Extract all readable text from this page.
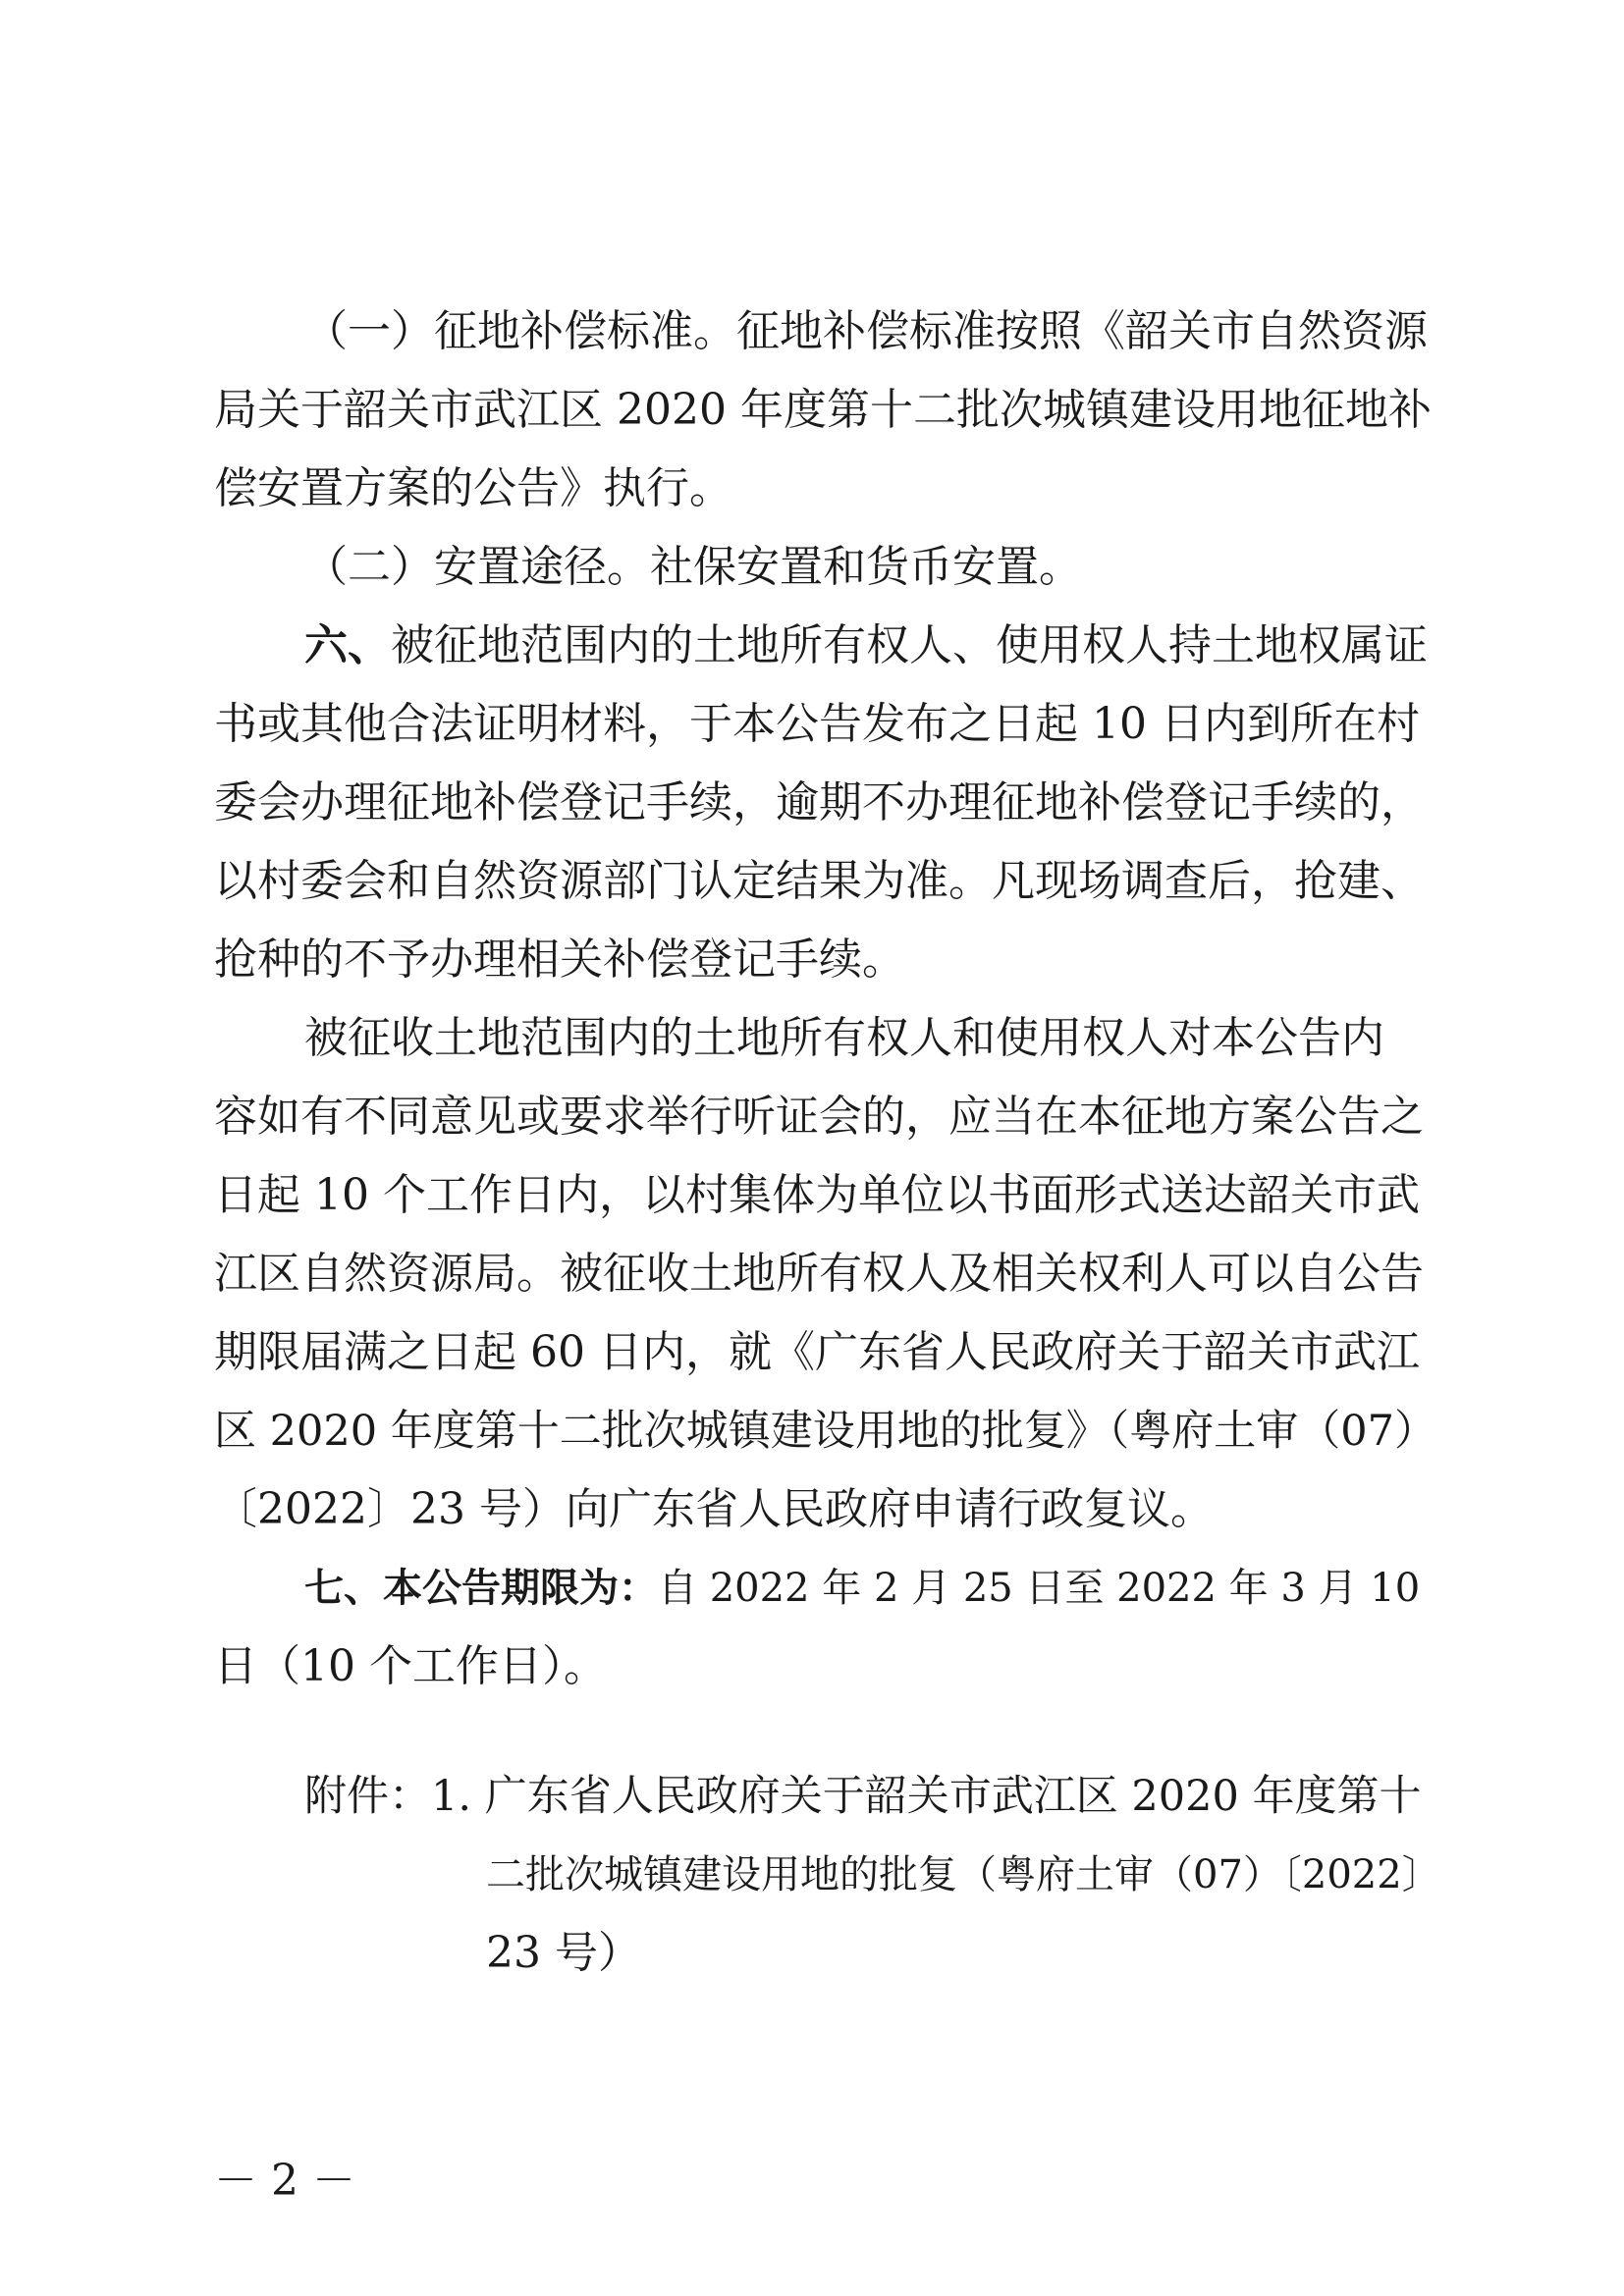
（一）征地补偿标准。征地补偿标准按照《韶关市自然资源
局关于韶关市武江区 2020 年度第十二批次城镇建设用地征地补
偿安置方案的公告》执行。
（二）安置途径。社保安置和货币安置。
六、被征地范围内的土地所有权人、使用权人持土地权属证
书或其他合法证明材料，于本公告发布之日起 10 日内到所在村
委会办理征地补偿登记手续，逾期不办理征地补偿登记手续的，
以村委会和自然资源部门认定结果为准。凡现场调查后，抢建、
抢种的不予办理相关补偿登记手续。
被征收土地范围内的土地所有权人和使用权人对本公告内
容如有不同意见或要求举行听证会的，应当在本征地方案公告之
日起 10 个工作日内，以村集体为单位以书面形式送达韶关市武
江区自然资源局。被征收土地所有权人及相关权利人可以自公告
期限届满之日起 60 日内，就《广东省人民政府关于韶关市武江
区 2020 年度第十二批次城镇建设用地的批复》（粤府土审（07）
〔2022〕23 号）向广东省人民政府申请行政复议。
七、本公告期限为：自 2022 年 2 月 25 日至 2022 年 3 月 10
日（10 个工作日）。
附件：1. 广东省人民政府关于韶关市武江区 2020 年度第十
二批次城镇建设用地的批复（粤府土审（07）〔2022〕
23 号）
－ 2 －
